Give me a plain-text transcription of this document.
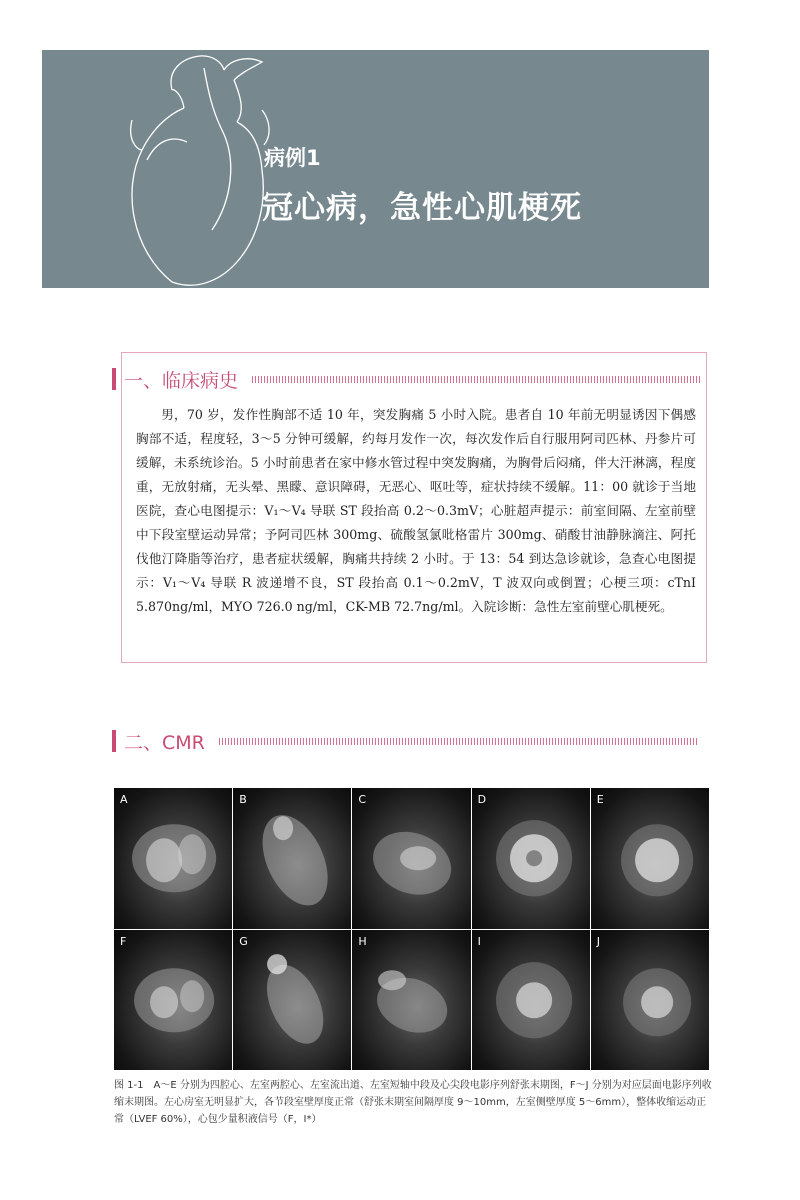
病例1
冠心病，急性心肌梗死

男，70 岁，发作性胸部不适 10 年，突发胸痛 5 小时入院。患者自 10 年前无明显诱因下偶感胸部不适，程度轻，3～5 分钟可缓解，约每月发作一次，每次发作后自行服用阿司匹林、丹参片可缓解，未系统诊治。5 小时前患者在家中修水管过程中突发胸痛，为胸骨后闷痛，伴大汗淋漓，程度重，无放射痛，无头晕、黑矇、意识障碍，无恶心、呕吐等，症状持续不缓解。11：00 就诊于当地医院，查心电图提示：V₁～V₄ 导联 ST 段抬高 0.2～0.3mV；心脏超声提示：前室间隔、左室前壁中下段室壁运动异常；予阿司匹林 300mg、硫酸氢氯吡格雷片 300mg、硝酸甘油静脉滴注、阿托伐他汀降脂等治疗，患者症状缓解，胸痛共持续 2 小时。于 13：54 到达急诊就诊，急查心电图提示：V₁～V₄ 导联 R 波递增不良，ST 段抬高 0.1～0.2mV，T 波双向或倒置；心梗三项：cTnI 5.870ng/ml，MYO 726.0 ng/ml，CK-MB 72.7ng/ml。入院诊断：急性左室前壁心肌梗死。

一、临床病史
二、CMR
A	B	C	D	E
F	G	H	I	J

图 1-1　A～E 分别为四腔心、左室两腔心、左室流出道、左室短轴中段及心尖段电影序列舒张末期图，F～J 分别为对应层面电影序列收缩末期图。左心房室无明显扩大，各节段室壁厚度正常（舒张末期室间隔厚度 9～10mm，左室侧壁厚度 5～6mm），整体收缩运动正常（LVEF 60%），心包少量积液信号（F，I*）
